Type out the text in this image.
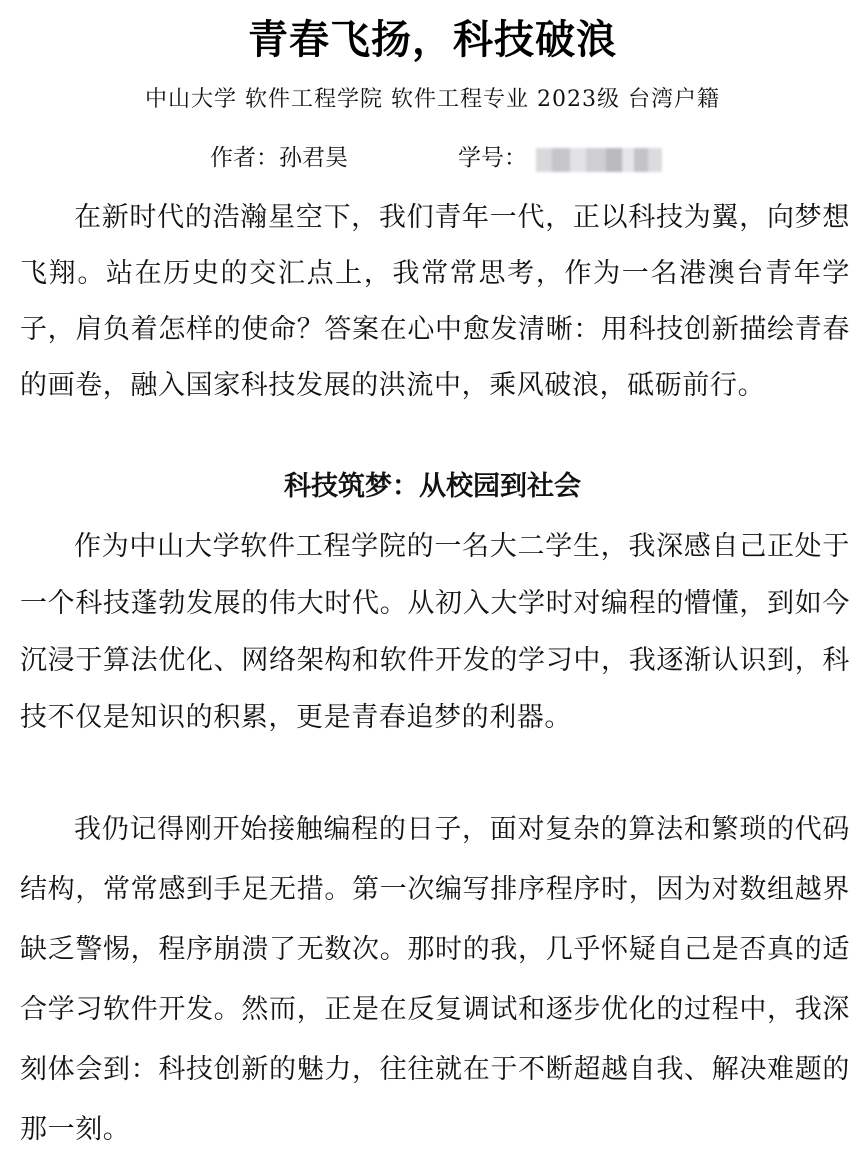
青春飞扬，科技破浪
中山大学 软件工程学院 软件工程专业 2023级 台湾户籍
作者：孙君昊	学号：

在新时代的浩瀚星空下，我们青年一代，正以科技为翼，向梦想飞翔。站在历史的交汇点上，我常常思考，作为一名港澳台青年学子，肩负着怎样的使命？答案在心中愈发清晰：用科技创新描绘青春的画卷，融入国家科技发展的洪流中，乘风破浪，砥砺前行。

科技筑梦：从校园到社会

作为中山大学软件工程学院的一名大二学生，我深感自己正处于一个科技蓬勃发展的伟大时代。从初入大学时对编程的懵懂，到如今沉浸于算法优化、网络架构和软件开发的学习中，我逐渐认识到，科技不仅是知识的积累，更是青春追梦的利器。

我仍记得刚开始接触编程的日子，面对复杂的算法和繁琐的代码结构，常常感到手足无措。第一次编写排序程序时，因为对数组越界缺乏警惕，程序崩溃了无数次。那时的我，几乎怀疑自己是否真的适合学习软件开发。然而，正是在反复调试和逐步优化的过程中，我深刻体会到：科技创新的魅力，往往就在于不断超越自我、解决难题的那一刻。
